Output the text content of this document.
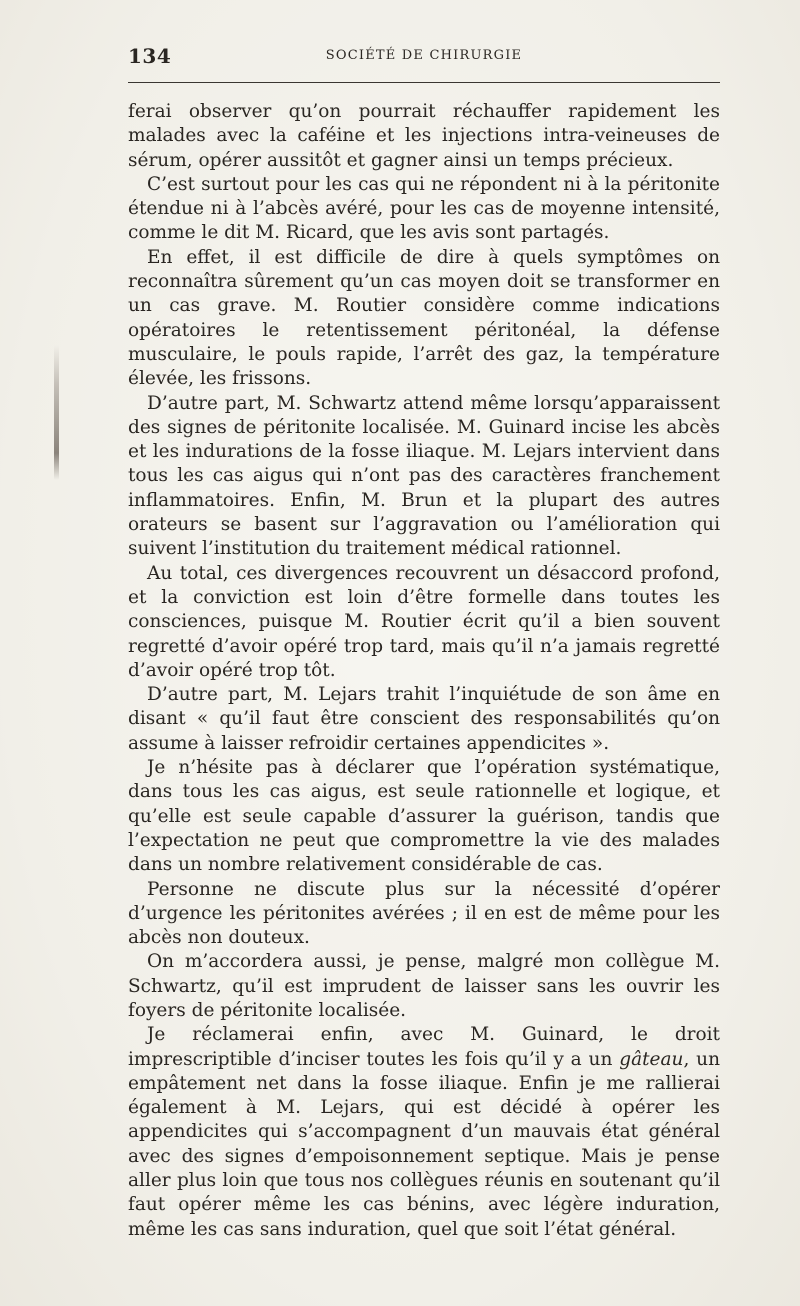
134	SOCIÉTÉ DE CHIRURGIE

ferai observer qu’on pourrait réchauffer rapidement les malades avec la caféine et les injections intra-veineuses de sérum, opérer aussitôt et gagner ainsi un temps précieux.

C’est surtout pour les cas qui ne répondent ni à la péritonite étendue ni à l’abcès avéré, pour les cas de moyenne intensité, comme le dit M. Ricard, que les avis sont partagés.

En effet, il est difficile de dire à quels symptômes on reconnaîtra sûrement qu’un cas moyen doit se transformer en un cas grave. M. Routier considère comme indications opératoires le retentissement péritonéal, la défense musculaire, le pouls rapide, l’arrêt des gaz, la température élevée, les frissons.

D’autre part, M. Schwartz attend même lorsqu’apparaissent des signes de péritonite localisée. M. Guinard incise les abcès et les indurations de la fosse iliaque. M. Lejars intervient dans tous les cas aigus qui n’ont pas des caractères franchement inflammatoires. Enfin, M. Brun et la plupart des autres orateurs se basent sur l’aggravation ou l’amélioration qui suivent l’institution du traitement médical rationnel.

Au total, ces divergences recouvrent un désaccord profond, et la conviction est loin d’être formelle dans toutes les consciences, puisque M. Routier écrit qu’il a bien souvent regretté d’avoir opéré trop tard, mais qu’il n’a jamais regretté d’avoir opéré trop tôt.

D’autre part, M. Lejars trahit l’inquiétude de son âme en disant « qu’il faut être conscient des responsabilités qu’on assume à laisser refroidir certaines appendicites ».

Je n’hésite pas à déclarer que l’opération systématique, dans tous les cas aigus, est seule rationnelle et logique, et qu’elle est seule capable d’assurer la guérison, tandis que l’expectation ne peut que compromettre la vie des malades dans un nombre relativement considérable de cas.

Personne ne discute plus sur la nécessité d’opérer d’urgence les péritonites avérées ; il en est de même pour les abcès non douteux.

On m’accordera aussi, je pense, malgré mon collègue M. Schwartz, qu’il est imprudent de laisser sans les ouvrir les foyers de péritonite localisée.

Je réclamerai enfin, avec M. Guinard, le droit imprescriptible d’inciser toutes les fois qu’il y a un gâteau, un empâtement net dans la fosse iliaque. Enfin je me rallierai également à M. Lejars, qui est décidé à opérer les appendicites qui s’accompagnent d’un mauvais état général avec des signes d’empoisonnement septique. Mais je pense aller plus loin que tous nos collègues réunis en soutenant qu’il faut opérer même les cas bénins, avec légère induration, même les cas sans induration, quel que soit l’état général.
